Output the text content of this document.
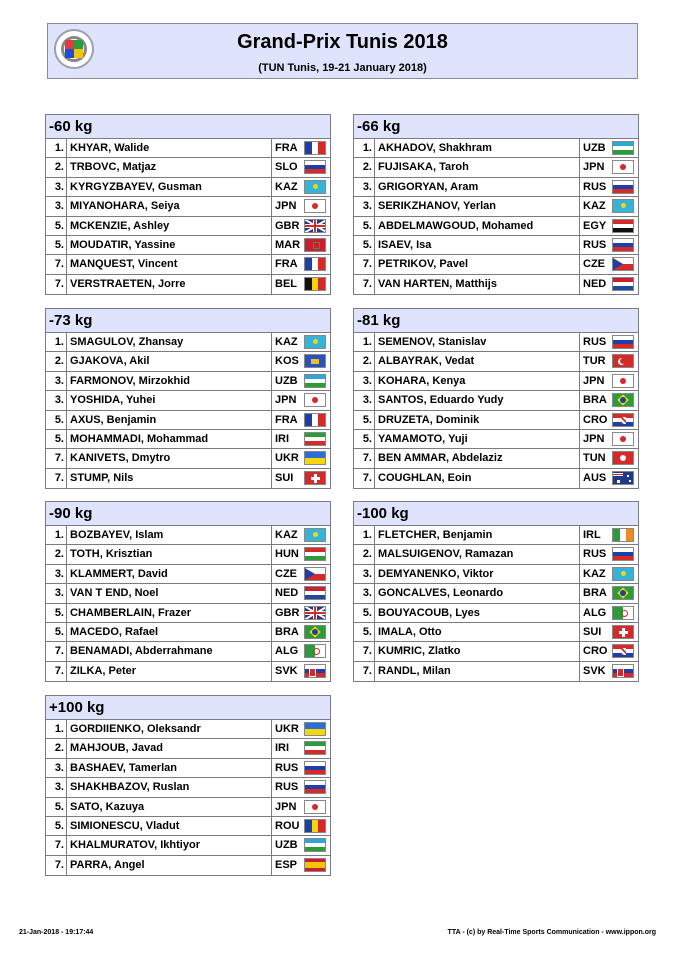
Grand-Prix Tunis 2018
(TUN Tunis, 19-21 January 2018)
-60 kg
1. KHYAR, Walide	FRA
2. TRBOVC, Matjaz	SLO
3. KYRGYZBAYEV, Gusman	KAZ
3. MIYANOHARA, Seiya	JPN
5. MCKENZIE, Ashley	GBR
5. MOUDATIR, Yassine	MAR
7. MANQUEST, Vincent	FRA
7. VERSTRAETEN, Jorre	BEL
-66 kg
1. AKHADOV, Shakhram	UZB
2. FUJISAKA, Taroh	JPN
3. GRIGORYAN, Aram	RUS
3. SERIKZHANOV, Yerlan	KAZ
5. ABDELMAWGOUD, Mohamed	EGY
5. ISAEV, Isa	RUS
7. PETRIKOV, Pavel	CZE
7. VAN HARTEN, Matthijs	NED
-73 kg
1. SMAGULOV, Zhansay	KAZ
2. GJAKOVA, Akil	KOS
3. FARMONOV, Mirzokhid	UZB
3. YOSHIDA, Yuhei	JPN
5. AXUS, Benjamin	FRA
5. MOHAMMADI, Mohammad	IRI
7. KANIVETS, Dmytro	UKR
7. STUMP, Nils	SUI
-81 kg
1. SEMENOV, Stanislav	RUS
2. ALBAYRAK, Vedat	TUR
3. KOHARA, Kenya	JPN
3. SANTOS, Eduardo Yudy	BRA
5. DRUZETA, Dominik	CRO
5. YAMAMOTO, Yuji	JPN
7. BEN AMMAR, Abdelaziz	TUN
7. COUGHLAN, Eoin	AUS
-90 kg
1. BOZBAYEV, Islam	KAZ
2. TOTH, Krisztian	HUN
3. KLAMMERT, David	CZE
3. VAN T END, Noel	NED
5. CHAMBERLAIN, Frazer	GBR
5. MACEDO, Rafael	BRA
7. BENAMADI, Abderrahmane	ALG
7. ZILKA, Peter	SVK
-100 kg
1. FLETCHER, Benjamin	IRL
2. MALSUIGENOV, Ramazan	RUS
3. DEMYANENKO, Viktor	KAZ
3. GONCALVES, Leonardo	BRA
5. BOUYACOUB, Lyes	ALG
5. IMALA, Otto	SUI
7. KUMRIC, Zlatko	CRO
7. RANDL, Milan	SVK
+100 kg
1. GORDIIENKO, Oleksandr	UKR
2. MAHJOUB, Javad	IRI
3. BASHAEV, Tamerlan	RUS
3. SHAKHBAZOV, Ruslan	RUS
5. SATO, Kazuya	JPN
5. SIMIONESCU, Vladut	ROU
7. KHALMURATOV, Ikhtiyor	UZB
7. PARRA, Angel	ESP
21-Jan-2018 - 19:17:44	TTA - (c) by Real-Time Sports Communication - www.ippon.org
